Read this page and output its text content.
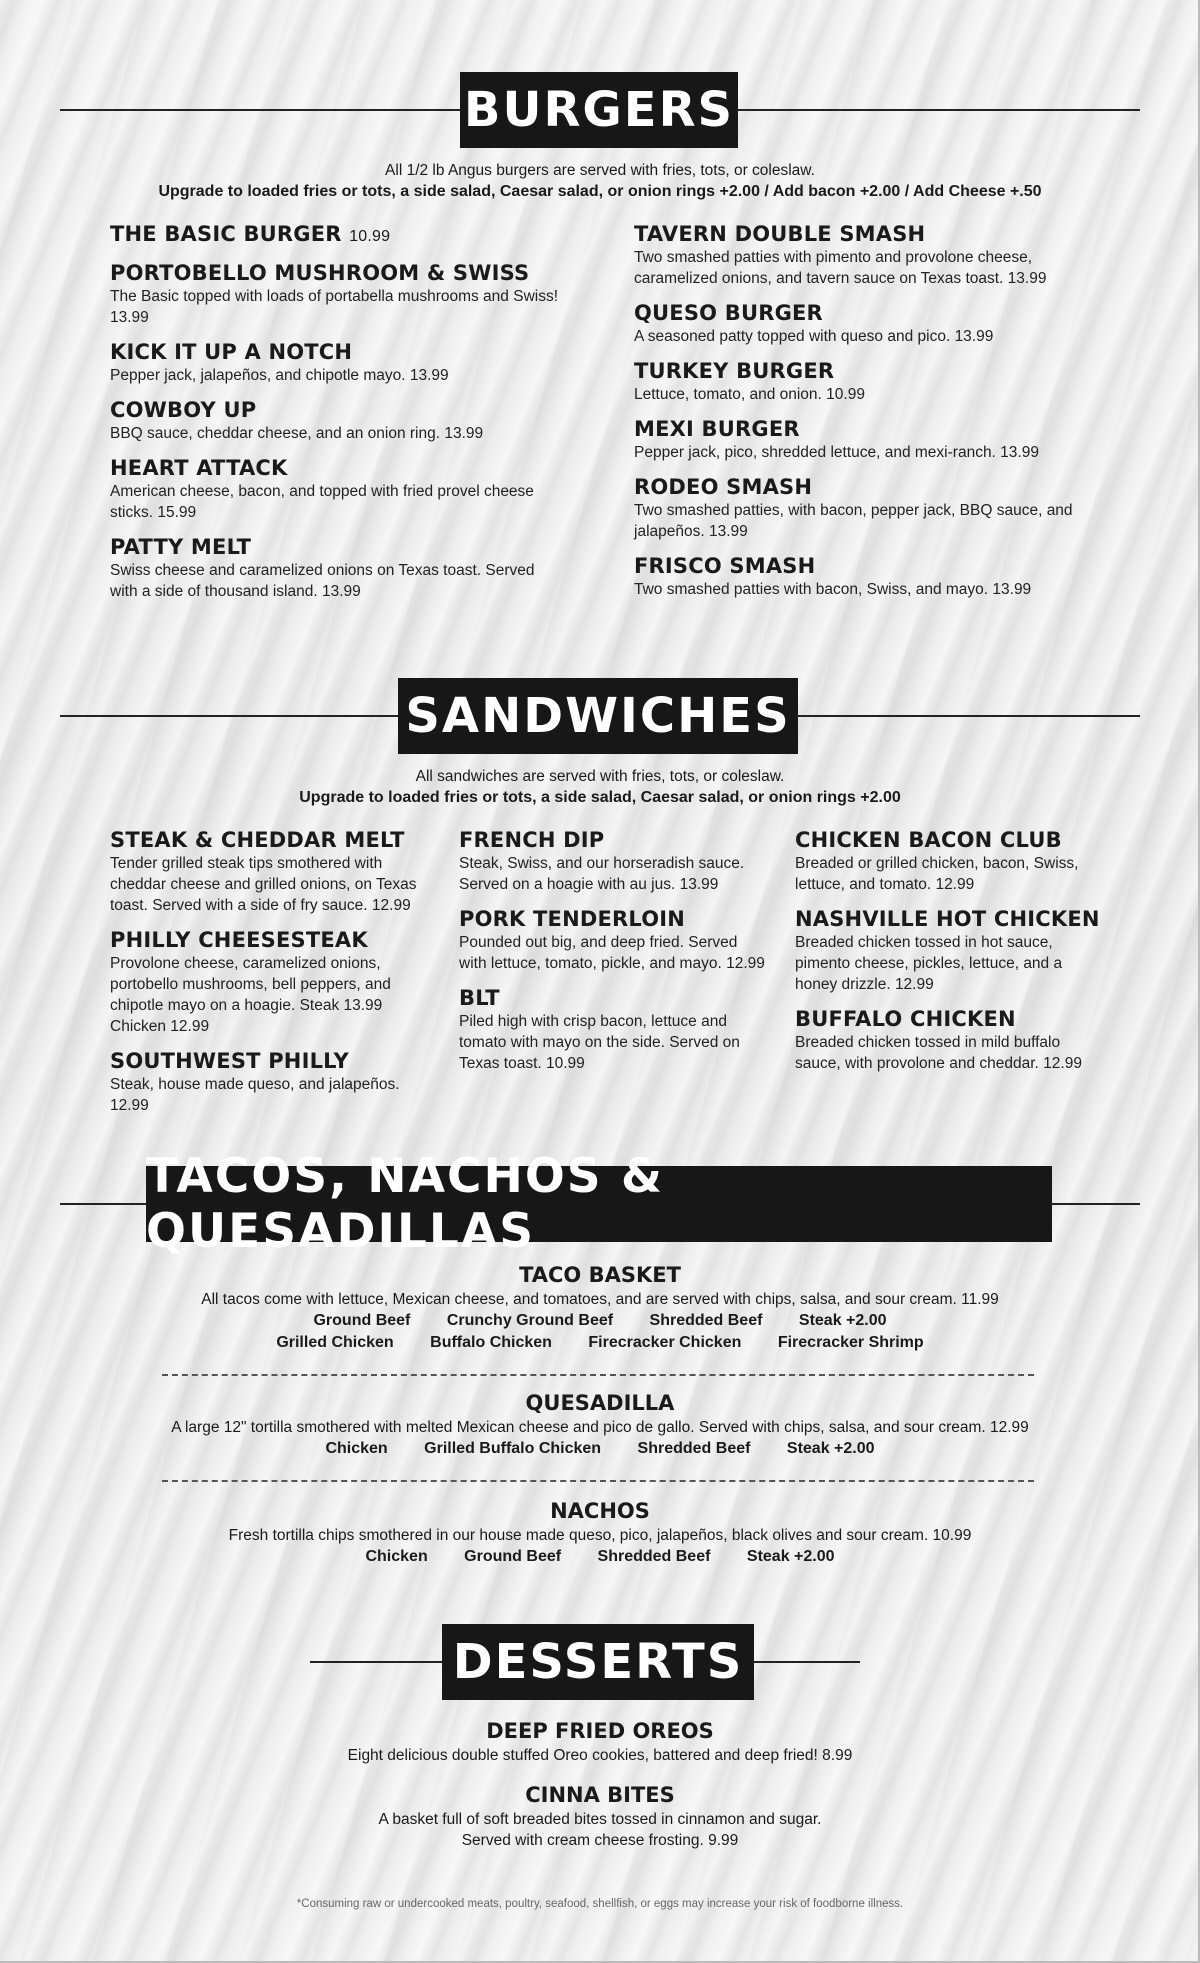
BURGERS
All 1/2 lb Angus burgers are served with fries, tots, or coleslaw.
Upgrade to loaded fries or tots, a side salad, Caesar salad, or onion rings +2.00 / Add bacon +2.00 / Add Cheese +.50
THE BASIC BURGER 10.99
PORTOBELLO MUSHROOM & SWISS
The Basic topped with loads of portabella mushrooms and Swiss! 13.99
KICK IT UP A NOTCH
Pepper jack, jalapeños, and chipotle mayo. 13.99
COWBOY UP
BBQ sauce, cheddar cheese, and an onion ring. 13.99
HEART ATTACK
American cheese, bacon, and topped with fried provel cheese sticks. 15.99
PATTY MELT
Swiss cheese and caramelized onions on Texas toast. Served with a side of thousand island. 13.99
TAVERN DOUBLE SMASH
Two smashed patties with pimento and provolone cheese, caramelized onions, and tavern sauce on Texas toast. 13.99
QUESO BURGER
A seasoned patty topped with queso and pico. 13.99
TURKEY BURGER
Lettuce, tomato, and onion. 10.99
MEXI BURGER
Pepper jack, pico, shredded lettuce, and mexi-ranch. 13.99
RODEO SMASH
Two smashed patties, with bacon, pepper jack, BBQ sauce, and jalapeños. 13.99
FRISCO SMASH
Two smashed patties with bacon, Swiss, and mayo. 13.99
SANDWICHES
All sandwiches are served with fries, tots, or coleslaw.
Upgrade to loaded fries or tots, a side salad, Caesar salad, or onion rings +2.00
STEAK & CHEDDAR MELT
Tender grilled steak tips smothered with cheddar cheese and grilled onions, on Texas toast. Served with a side of fry sauce. 12.99
PHILLY CHEESESTEAK
Provolone cheese, caramelized onions, portobello mushrooms, bell peppers, and chipotle mayo on a hoagie. Steak 13.99 Chicken 12.99
SOUTHWEST PHILLY
Steak, house made queso, and jalapeños. 12.99
FRENCH DIP
Steak, Swiss, and our horseradish sauce. Served on a hoagie with au jus. 13.99
PORK TENDERLOIN
Pounded out big, and deep fried. Served with lettuce, tomato, pickle, and mayo. 12.99
BLT
Piled high with crisp bacon, lettuce and tomato with mayo on the side. Served on Texas toast. 10.99
CHICKEN BACON CLUB
Breaded or grilled chicken, bacon, Swiss, lettuce, and tomato. 12.99
NASHVILLE HOT CHICKEN
Breaded chicken tossed in hot sauce, pimento cheese, pickles, lettuce, and a honey drizzle. 12.99
BUFFALO CHICKEN
Breaded chicken tossed in mild buffalo sauce, with provolone and cheddar. 12.99
TACOS, NACHOS & QUESADILLAS
TACO BASKET
All tacos come with lettuce, Mexican cheese, and tomatoes, and are served with chips, salsa, and sour cream. 11.99
Ground Beef Crunchy Ground Beef Shredded Beef Steak +2.00
Grilled Chicken Buffalo Chicken Firecracker Chicken Firecracker Shrimp
QUESADILLA
A large 12" tortilla smothered with melted Mexican cheese and pico de gallo. Served with chips, salsa, and sour cream. 12.99
Chicken Grilled Buffalo Chicken Shredded Beef Steak +2.00
NACHOS
Fresh tortilla chips smothered in our house made queso, pico, jalapeños, black olives and sour cream. 10.99
Chicken Ground Beef Shredded Beef Steak +2.00
DESSERTS
DEEP FRIED OREOS
Eight delicious double stuffed Oreo cookies, battered and deep fried! 8.99
CINNA BITES
A basket full of soft breaded bites tossed in cinnamon and sugar.
Served with cream cheese frosting. 9.99
*Consuming raw or undercooked meats, poultry, seafood, shellfish, or eggs may increase your risk of foodborne illness.
